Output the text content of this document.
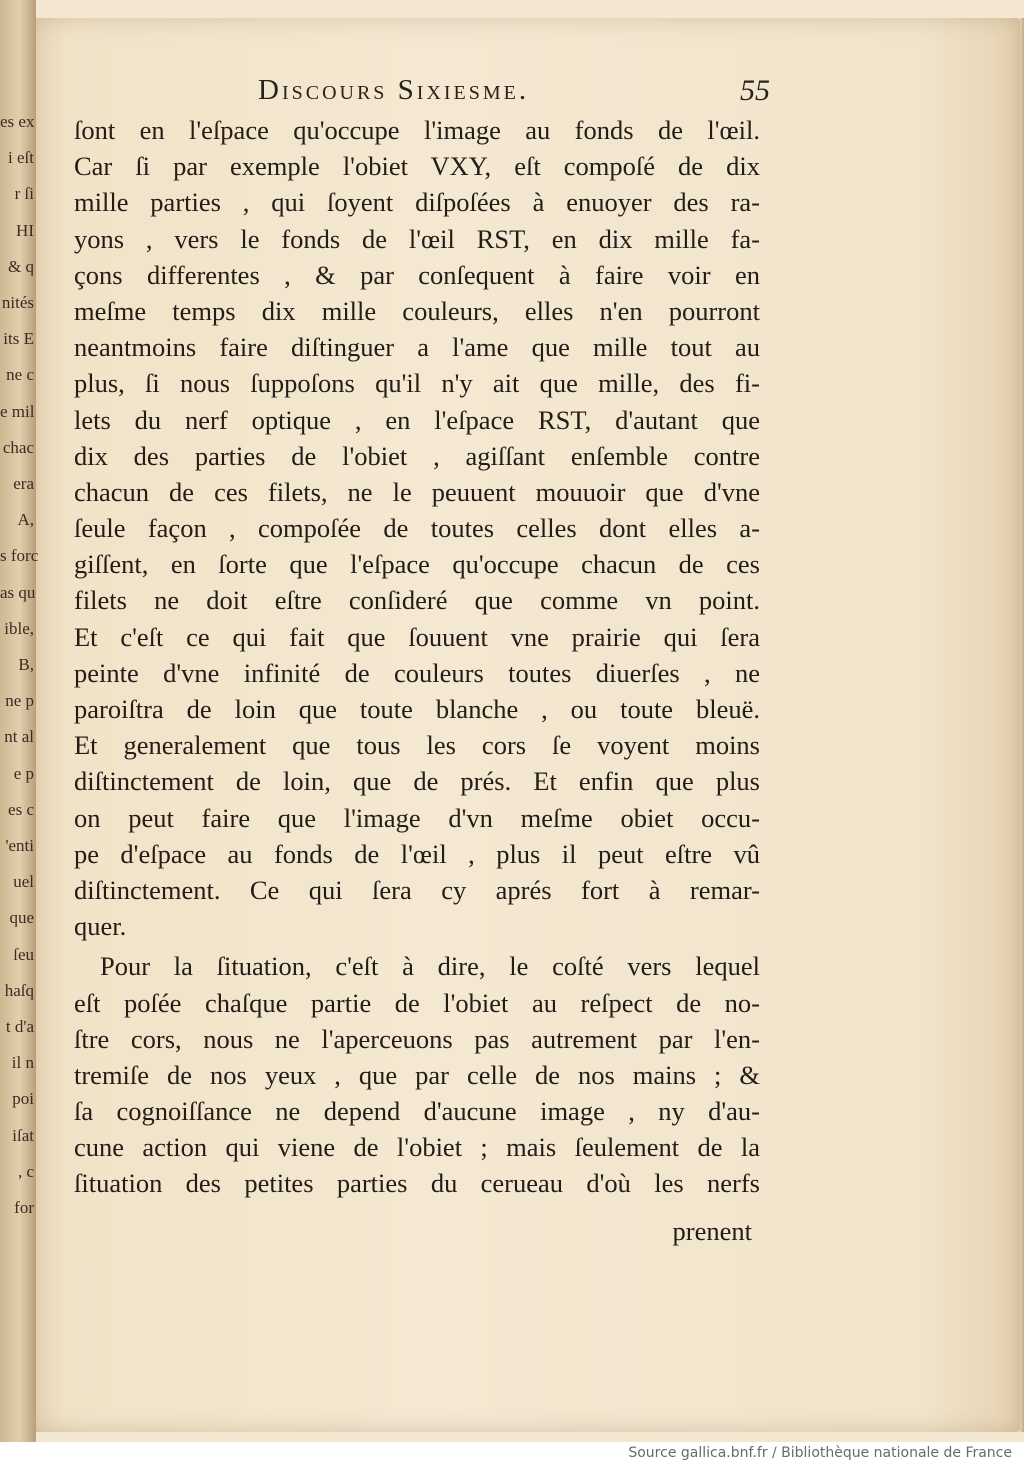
es ex
i eſt
r ſi
HI
& q
nités
its E
ne c
e mil
chac
era
A,
s forc
as qu
ible,
B,
ne p
nt al
e p
es c
'enti
uel
que
ſeu
haſq
t d'a
il n
poi
iſat
, c
for
Discours Sixiesme.	55
ſont en l'eſpace qu'occupe l'image au fonds de l'œil.
Car ſi par exemple l'obiet VXY, eſt compoſé de dix
mille parties , qui ſoyent diſpoſées à enuoyer des ra-
yons , vers le fonds de l'œil RST, en dix mille fa-
çons differentes , & par conſequent à faire voir en
meſme temps dix mille couleurs, elles n'en pourront
neantmoins faire diſtinguer a l'ame que mille tout au
plus, ſi nous ſuppoſons qu'il n'y ait que mille, des fi-
lets du nerf optique , en l'eſpace RST, d'autant que
dix des parties de l'obiet , agiſſant enſemble contre
chacun de ces filets, ne le peuuent mouuoir que d'vne
ſeule façon , compoſée de toutes celles dont elles a-
giſſent, en ſorte que l'eſpace qu'occupe chacun de ces
filets ne doit eſtre conſideré que comme vn point.
Et c'eſt ce qui fait que ſouuent vne prairie qui ſera
peinte d'vne infinité de couleurs toutes diuerſes , ne
paroiſtra de loin que toute blanche , ou toute bleuë.
Et generalement que tous les cors ſe voyent moins
diſtinctement de loin, que de prés. Et enfin que plus
on peut faire que l'image d'vn meſme obiet occu-
pe d'eſpace au fonds de l'œil , plus il peut eſtre vû
diſtinctement. Ce qui ſera cy aprés fort à remar-
quer.
Pour la ſituation, c'eſt à dire, le coſté vers lequel
eſt poſée chaſque partie de l'obiet au reſpect de no-
ſtre cors, nous ne l'aperceuons pas autrement par l'en-
tremiſe de nos yeux , que par celle de nos mains ; &
ſa cognoiſſance ne depend d'aucune image , ny d'au-
cune action qui viene de l'obiet ; mais ſeulement de la
ſituation des petites parties du cerueau d'où les nerfs
prenent
Source gallica.bnf.fr / Bibliothèque nationale de France
